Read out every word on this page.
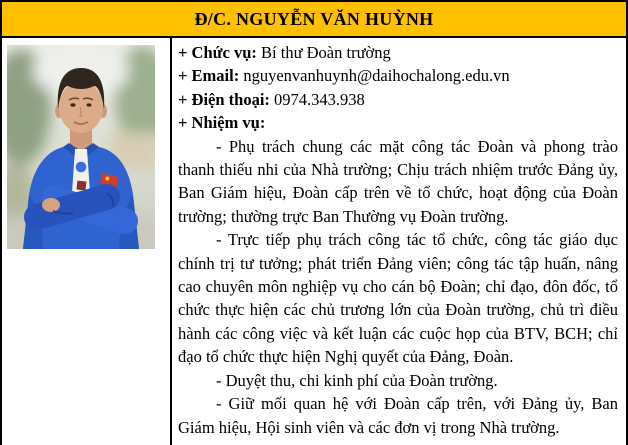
Đ/C. NGUYỄN VĂN HUỲNH

+ Chức vụ: Bí thư Đoàn trường

+ Email: nguyenvanhuynh@daihochalong.edu.vn

+ Điện thoại: 0974.343.938

+ Nhiệm vụ:

- Phụ trách chung các mặt công tác Đoàn và phong trào thanh thiếu nhi của Nhà trường; Chịu trách nhiệm trước Đảng ủy, Ban Giám hiệu, Đoàn cấp trên về tổ chức, hoạt động của Đoàn trường; thường trực Ban Thường vụ Đoàn trường.

- Trực tiếp phụ trách công tác tổ chức, công tác giáo dục chính trị tư tưởng; phát triển Đảng viên; công tác tập huấn, nâng cao chuyên môn nghiệp vụ cho cán bộ Đoàn; chỉ đạo, đôn đốc, tổ chức thực hiện các chủ trương lớn của Đoàn trường, chủ trì điều hành các công việc và kết luận các cuộc họp của BTV, BCH; chỉ đạo tổ chức thực hiện Nghị quyết của Đảng, Đoàn.

- Duyệt thu, chi kinh phí của Đoàn trường.

- Giữ mối quan hệ với Đoàn cấp trên, với Đảng ủy, Ban Giám hiệu, Hội sinh viên và các đơn vị trong Nhà trường.
